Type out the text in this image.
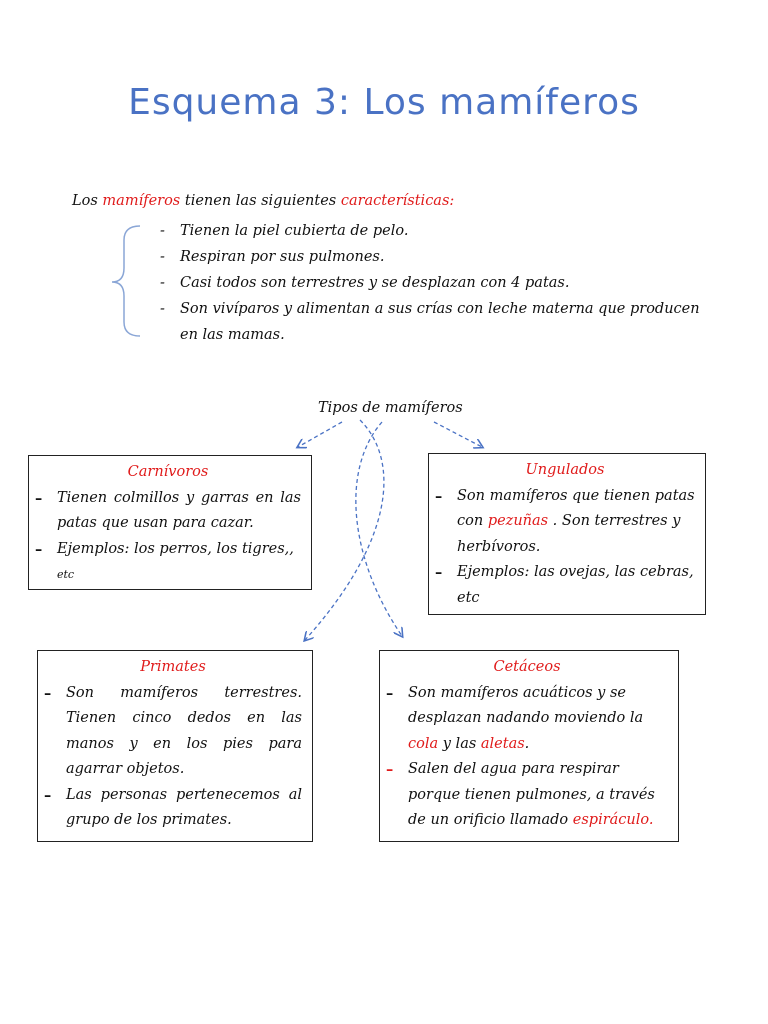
Esquema 3: Los mamíferos
Los mamíferos tienen las siguientes características:
-	Tienen la piel cubierta de pelo.
-	Respiran por sus pulmones.
-	Casi todos son terrestres y se desplazan con 4 patas.
-	Son vivíparos y alimentan a sus crías con leche materna que producen en las mamas.
Tipos de mamíferos
Carnívoros
–	Tienen colmillos y garras en las patas que usan para cazar.
–	Ejemplos: los perros, los tigres,,
etc
Ungulados
–	Son mamíferos que tienen patas con pezuñas . Son terrestres y herbívoros.
–	Ejemplos: las ovejas, las cebras, etc
Primates
–	Son mamíferos terrestres. Tienen cinco dedos en las manos y en los pies para agarrar objetos.
–	Las personas pertenecemos al grupo de los primates.
Cetáceos
–	Son mamíferos acuáticos y se desplazan nadando moviendo la cola y las aletas.
–	Salen del agua para respirar porque tienen pulmones, a través de un orificio llamado espiráculo.
